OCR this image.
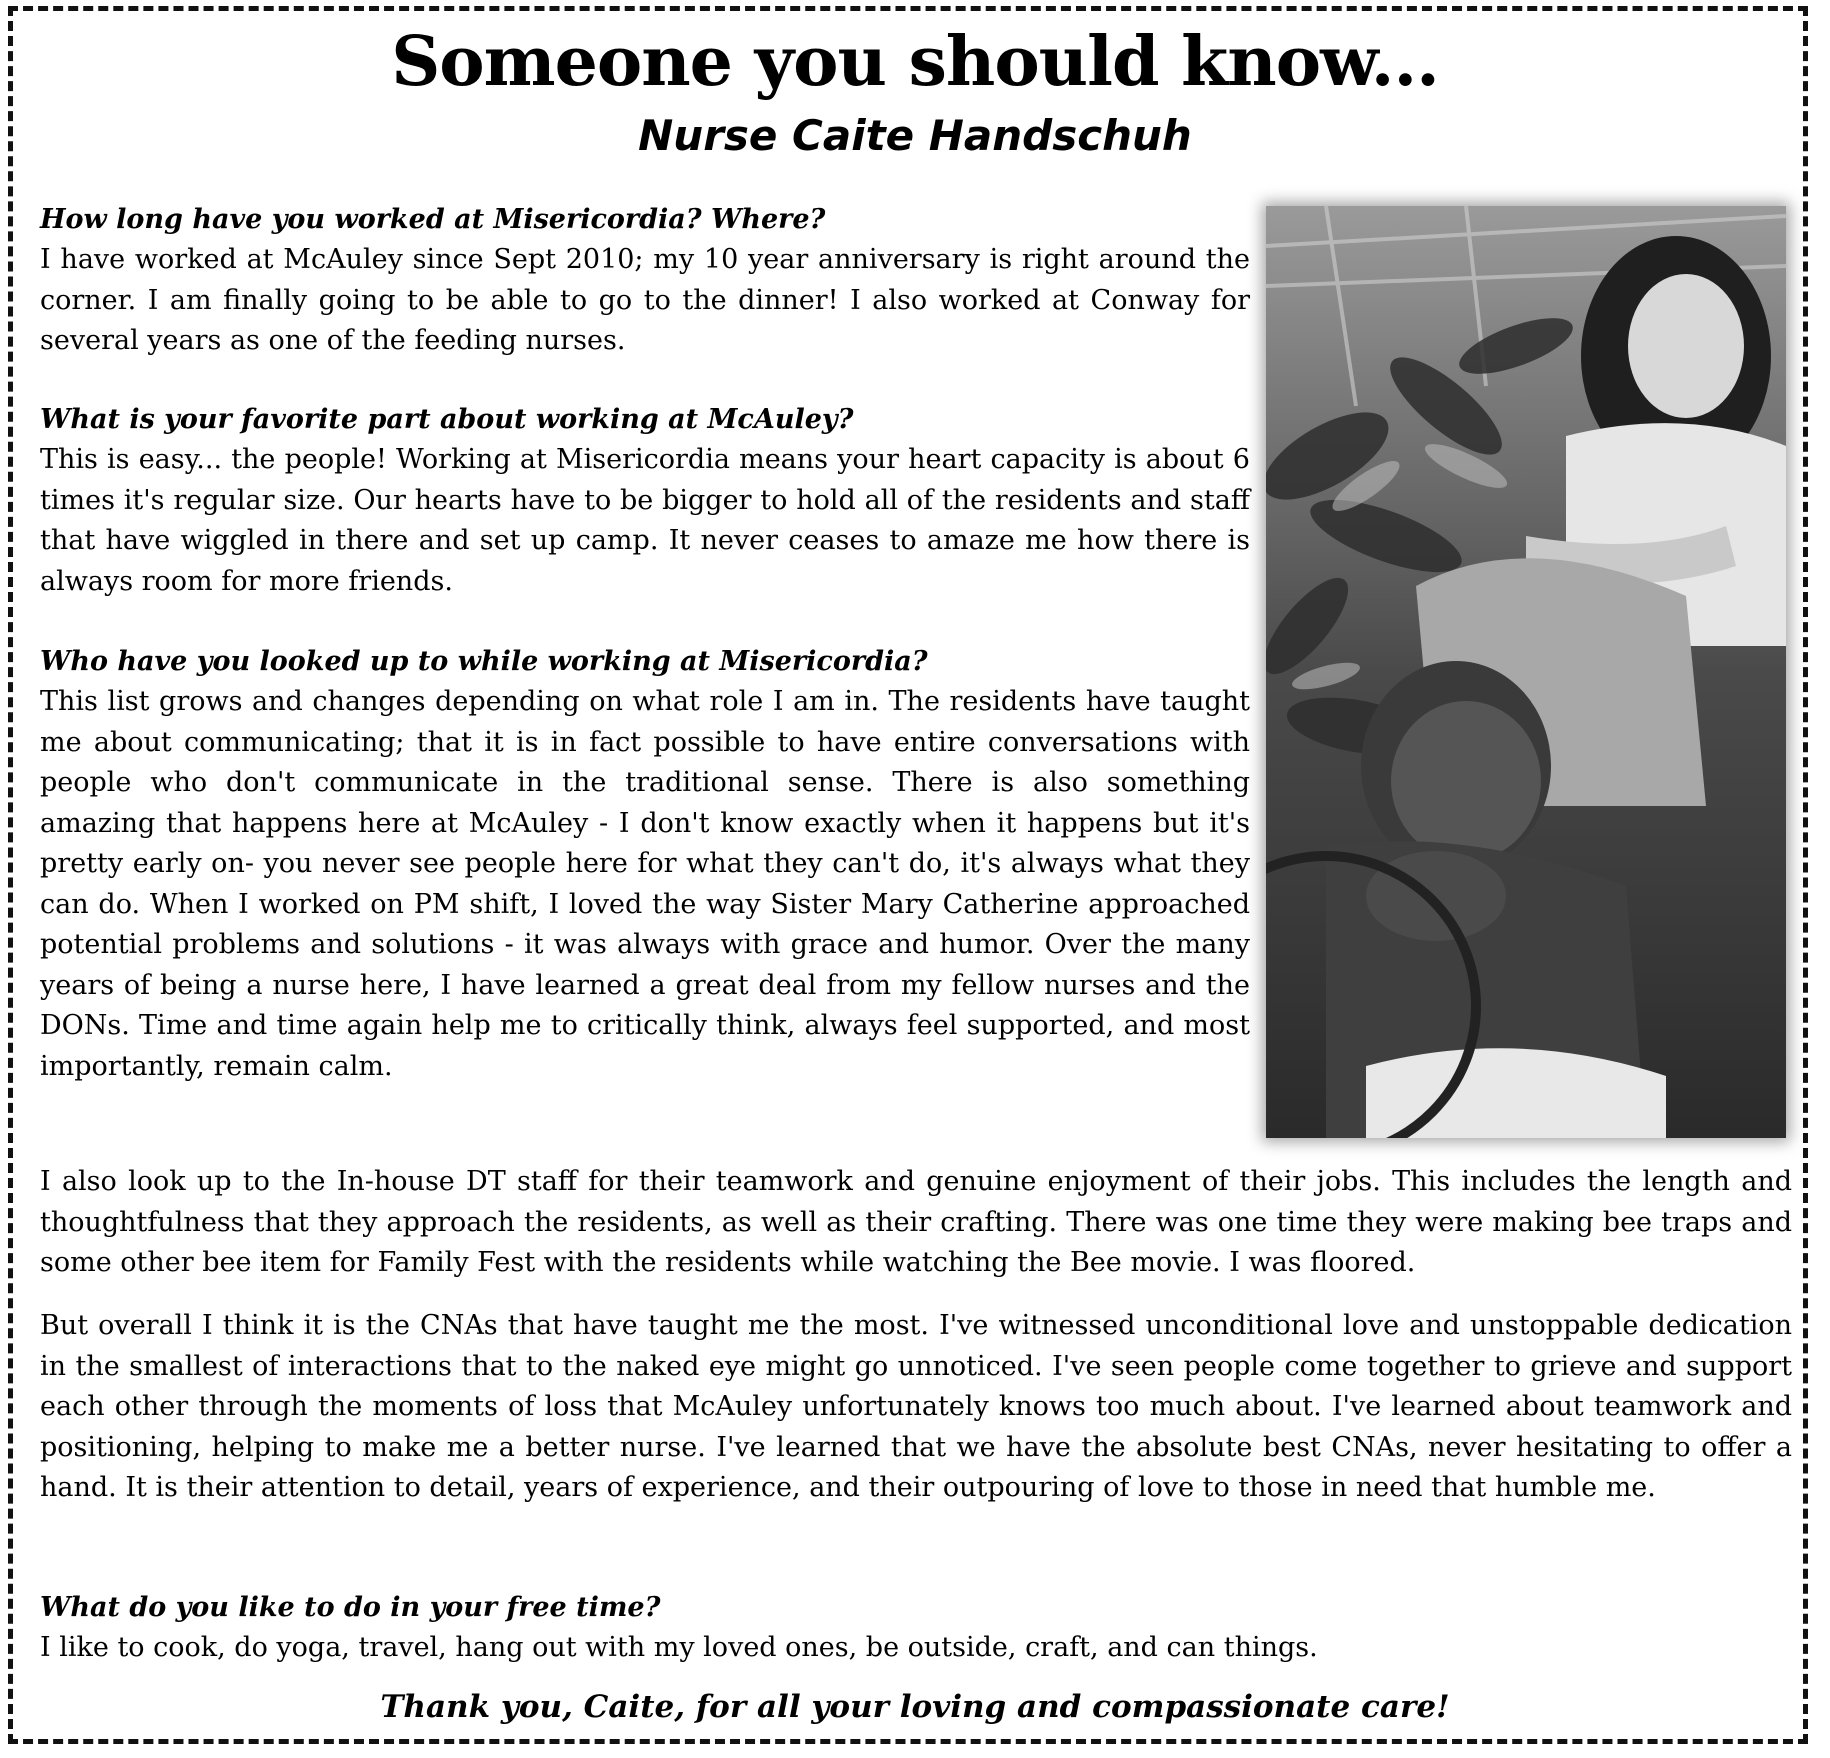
Someone you should know...
Nurse Caite Handschuh

How long have you worked at Misericordia? Where?

I have worked at McAuley since Sept 2010; my 10 year anniversary is right around the corner. I am finally going to be able to go to the dinner! I also worked at Conway for several years as one of the feeding nurses.

What is your favorite part about working at McAuley?

This is easy... the people! Working at Misericordia means your heart capacity is about 6 times it's regular size. Our hearts have to be bigger to hold all of the residents and staff that have wiggled in there and set up camp. It never ceases to amaze me how there is always room for more friends.

Who have you looked up to while working at Misericordia?

This list grows and changes depending on what role I am in. The residents have taught me about communicating; that it is in fact possible to have entire conversations with people who don't communicate in the traditional sense. There is also something amazing that happens here at McAuley - I don't know exactly when it happens but it's pretty early on- you never see people here for what they can't do, it's always what they can do. When I worked on PM shift, I loved the way Sister Mary Catherine approached potential problems and solutions - it was always with grace and humor. Over the many years of being a nurse here, I have learned a great deal from my fellow nurses and the DONs. Time and time again help me to critically think, always feel supported, and most importantly, remain calm.

I also look up to the In-house DT staff for their teamwork and genuine enjoyment of their jobs. This includes the length and thoughtfulness that they approach the residents, as well as their crafting. There was one time they were making bee traps and some other bee item for Family Fest with the residents while watching the Bee movie. I was floored.

But overall I think it is the CNAs that have taught me the most. I've witnessed unconditional love and unstoppable dedication in the smallest of interactions that to the naked eye might go unnoticed. I've seen people come together to grieve and support each other through the moments of loss that McAuley unfortunately knows too much about. I've learned about teamwork and positioning, helping to make me a better nurse. I've learned that we have the absolute best CNAs, never hesitating to offer a hand. It is their attention to detail, years of experience, and their outpouring of love to those in need that humble me.

What do you like to do in your free time?

I like to cook, do yoga, travel, hang out with my loved ones, be outside, craft, and can things.

Thank you, Caite, for all your loving and compassionate care!
